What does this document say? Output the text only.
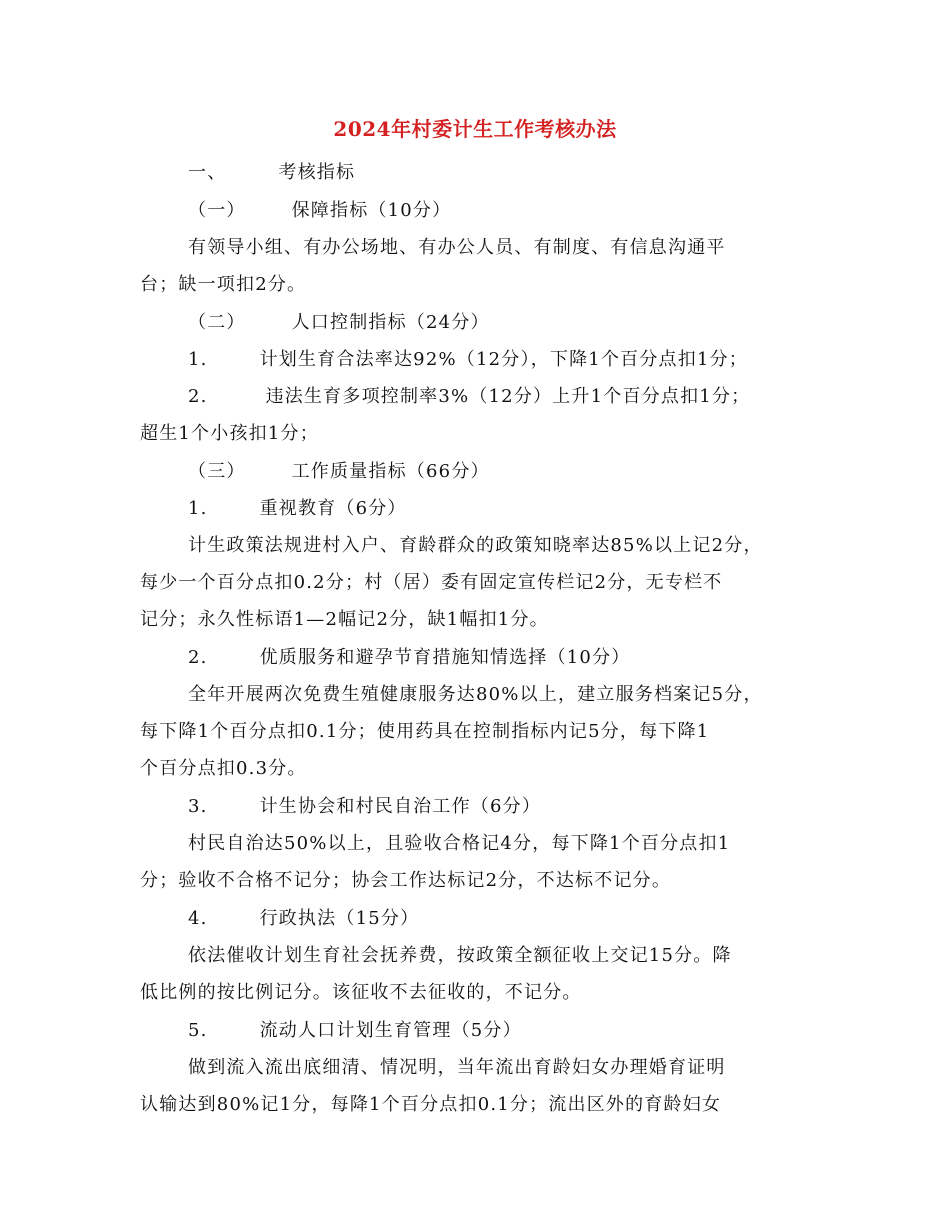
2024年村委计生工作考核办法
一、	考核指标
（一）	保障指标（10分）
有领导小组、有办公场地、有办公人员、有制度、有信息沟通平
台；缺一项扣2分。
（二）	人口控制指标（24分）
1.	计划生育合法率达92%（12分），下降1个百分点扣1分；
2.	违法生育多项控制率3%（12分）上升1个百分点扣1分；
超生1个小孩扣1分；
（三）	工作质量指标（66分）
1.	重视教育（6分）
计生政策法规进村入户、育龄群众的政策知晓率达85%以上记2分，
每少一个百分点扣0.2分；村（居）委有固定宣传栏记2分，无专栏不
记分；永久性标语1—2幅记2分，缺1幅扣1分。
2.	优质服务和避孕节育措施知情选择（10分）
全年开展两次免费生殖健康服务达80%以上，建立服务档案记5分，
每下降1个百分点扣0.1分；使用药具在控制指标内记5分，每下降1
个百分点扣0.3分。
3.	计生协会和村民自治工作（6分）
村民自治达50%以上，且验收合格记4分，每下降1个百分点扣1
分；验收不合格不记分；协会工作达标记2分，不达标不记分。
4.	行政执法（15分）
依法催收计划生育社会抚养费，按政策全额征收上交记15分。降
低比例的按比例记分。该征收不去征收的，不记分。
5.	流动人口计划生育管理（5分）
做到流入流出底细清、情况明，当年流出育龄妇女办理婚育证明
认输达到80%记1分，每降1个百分点扣0.1分；流出区外的育龄妇女
